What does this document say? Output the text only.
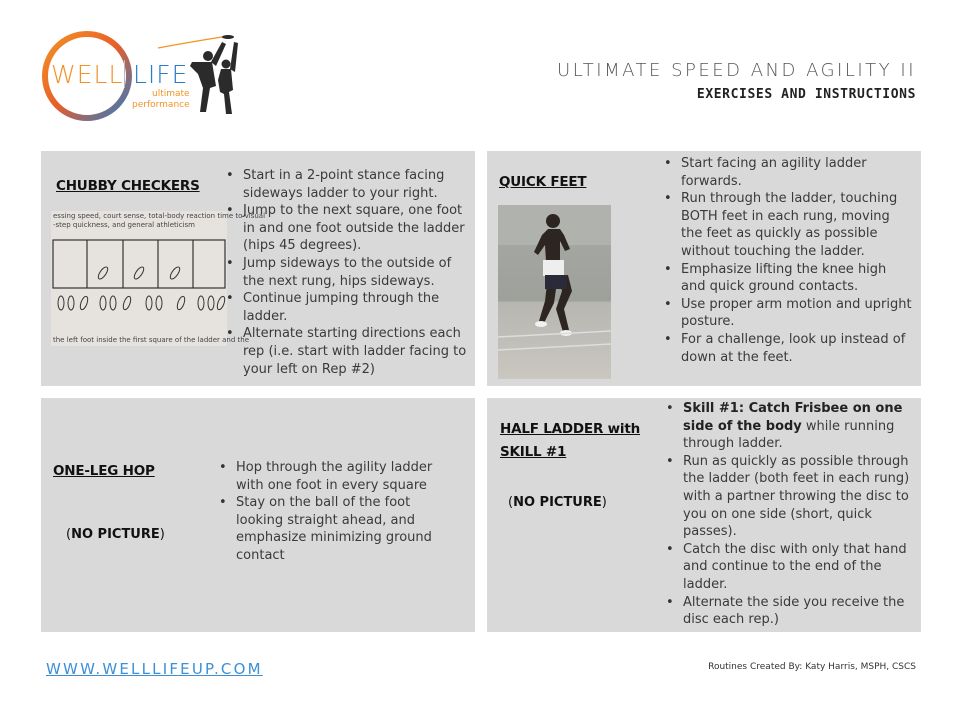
WELL LIFE
ultimate
performance
ULTIMATE SPEED AND AGILITY II
EXERCISES AND INSTRUCTIONS
CHUBBY CHECKERS
essing speed, court sense, total-body reaction time to visual
-step quickness, and general athleticism
the left foot inside the first square of the ladder and the
• Start in a 2-point stance facing sideways ladder to your right.
• Jump to the next square, one foot in and one foot outside the ladder (hips 45 degrees).
• Jump sideways to the outside of the next rung, hips sideways.
• Continue jumping through the ladder.
• Alternate starting directions each rep (i.e. start with ladder facing to your left on Rep #2)
QUICK FEET
• Start facing an agility ladder forwards.
• Run through the ladder, touching BOTH feet in each rung, moving the feet as quickly as possible without touching the ladder.
• Emphasize lifting the knee high and quick ground contacts.
• Use proper arm motion and upright posture.
• For a challenge, look up instead of down at the feet.
ONE-LEG HOP
(NO PICTURE)
• Hop through the agility ladder with one foot in every square
• Stay on the ball of the foot looking straight ahead, and emphasize minimizing ground contact
HALF LADDER with
SKILL #1
(NO PICTURE)
• Skill #1: Catch Frisbee on one side of the body while running through ladder.
• Run as quickly as possible through the ladder (both feet in each rung) with a partner throwing the disc to you on one side (short, quick passes).
• Catch the disc with only that hand and continue to the end of the ladder.
• Alternate the side you receive the disc each rep.)
WWW.WELLLIFEUP.COM	Routines Created By: Katy Harris, MSPH, CSCS
